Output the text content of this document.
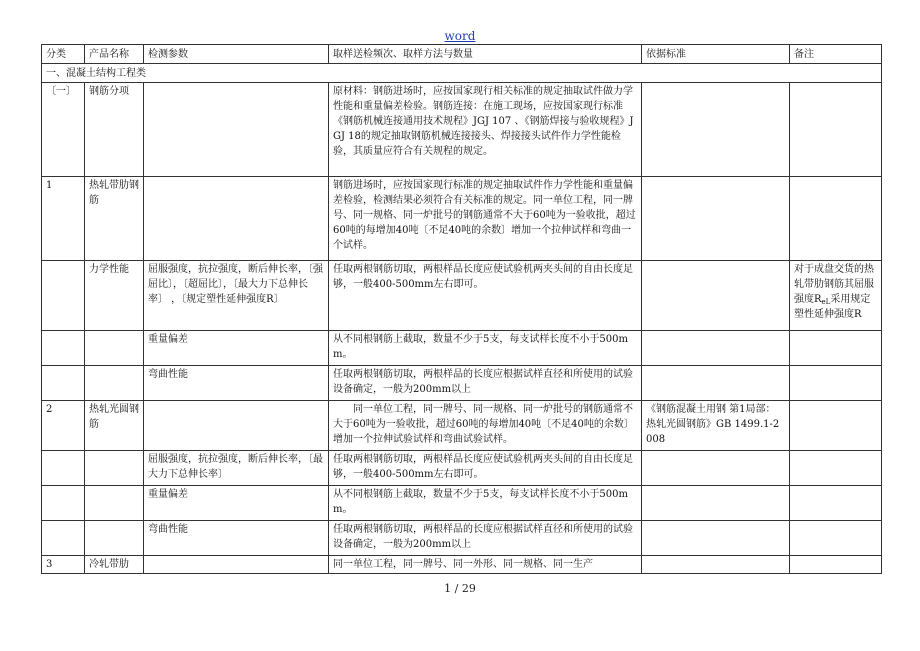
word
分类	产品名称	检测参数	取样送检频次、取样方法与数量	依据标准	备注
一、混凝土结构工程类					
〔一〕	钢筋分项		原材料：钢筋进场时，应按国家现行相关标准的规定抽取试件做力学性能和重量偏差检验。钢筋连接：在施工现场，应按国家现行标准《钢筋机械连接通用技术规程》JGJ 107 、《钢筋焊接与验收规程》JGJ 18的规定抽取钢筋机械连接接头、焊接接头试件作力学性能检验，其质量应符合有关规程的规定。		
1	热轧带肋钢筋		钢筋进场时，应按国家现行标准的规定抽取试件作力学性能和重量偏差检验，检测结果必须符合有关标准的规定。同一单位工程，同一牌号、同一规格、同一炉批号的钢筋通常不大于60吨为一验收批，超过60吨的每增加40吨〔不足40吨的余数〕增加一个拉伸试样和弯曲一个试样。		
	力学性能	屈服强度，抗拉强度，断后伸长率，〔强屈比〕，〔超屈比〕，〔最大力下总伸长率〕 ，〔规定塑性延伸强度R〕	任取两根钢筋切取，两根样品长度应使试验机两夹头间的自由长度足够，一般400-500mm左右即可。		对于成盘交货的热轧带肋钢筋其屈服强度$R_{eL}$采用规定塑性延伸强度R
		重量偏差	从不同根钢筋上截取，数量不少于5支，每支试样长度不小于500mm。		
		弯曲性能	任取两根钢筋切取，两根样品的长度应根据试样直径和所使用的试验设备确定，一般为200mm以上		
2	热轧光圆钢筋		同一单位工程，同一牌号、同一规格、同一炉批号的钢筋通常不大于60吨为一验收批，超过60吨的每增加40吨〔不足40吨的余数〕增加一个拉伸试验试样和弯曲试验试样。	《钢筋混凝土用钢 第1局部：热轧光圆钢筋》GB 1499.1-2008	
		屈服强度，抗拉强度，断后伸长率，〔最大力下总伸长率〕	任取两根钢筋切取，两根样品长度应使试验机两夹头间的自由长度足够，一般400-500mm左右即可。		
		重量偏差	从不同根钢筋上截取，数量不少于5支，每支试样长度不小于500mm。		
		弯曲性能	任取两根钢筋切取，两根样品的长度应根据试样直径和所使用的试验设备确定，一般为200mm以上		
3	冷轧带肋		同一单位工程，同一牌号、同一外形、同一规格、同一生产		
1 / 29
